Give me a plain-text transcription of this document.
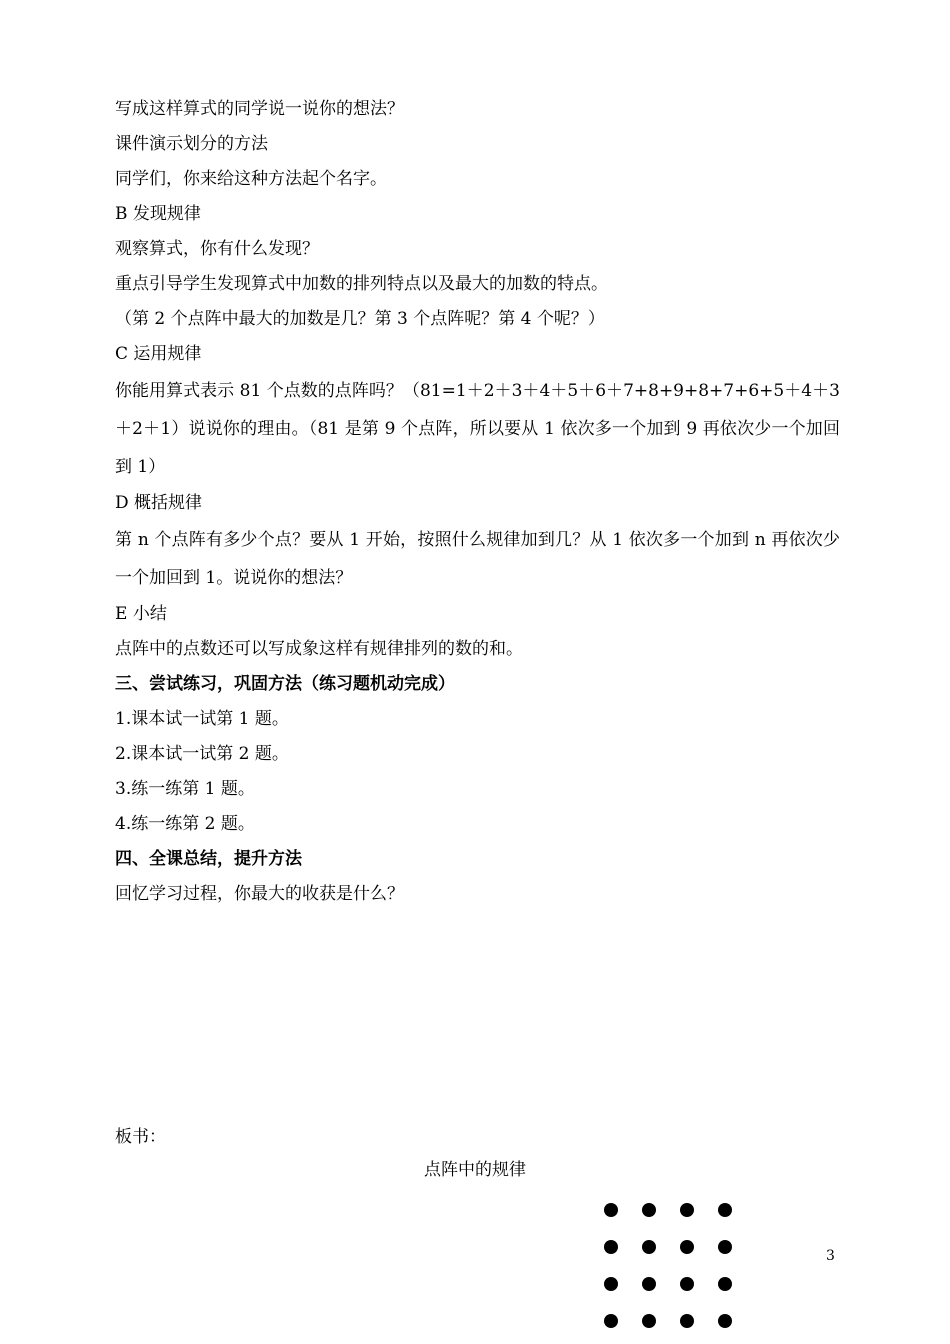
写成这样算式的同学说一说你的想法？
课件演示划分的方法
同学们，你来给这种方法起个名字。
B 发现规律
观察算式，你有什么发现？
重点引导学生发现算式中加数的排列特点以及最大的加数的特点。
（第 2 个点阵中最大的加数是几？第 3 个点阵呢？第 4 个呢？）
C 运用规律
你能用算式表示 81 个点数的点阵吗？（81=1＋2＋3＋4＋5＋6＋7+8+9+8+7+6+5＋4＋3＋2＋1）说说你的理由。（81 是第 9 个点阵，所以要从 1 依次多一个加到 9 再依次少一个加回到 1）
D 概括规律
第 n 个点阵有多少个点？要从 1 开始，按照什么规律加到几？从 1 依次多一个加到 n 再依次少一个加回到 1。说说你的想法？
E 小结
点阵中的点数还可以写成象这样有规律排列的数的和。
三、尝试练习，巩固方法（练习题机动完成）
1.课本试一试第 1 题。
2.课本试一试第 2 题。
3.练一练第 1 题。
4.练一练第 2 题。
四、全课总结，提升方法
回忆学习过程，你最大的收获是什么？
板书：
点阵中的规律
3
